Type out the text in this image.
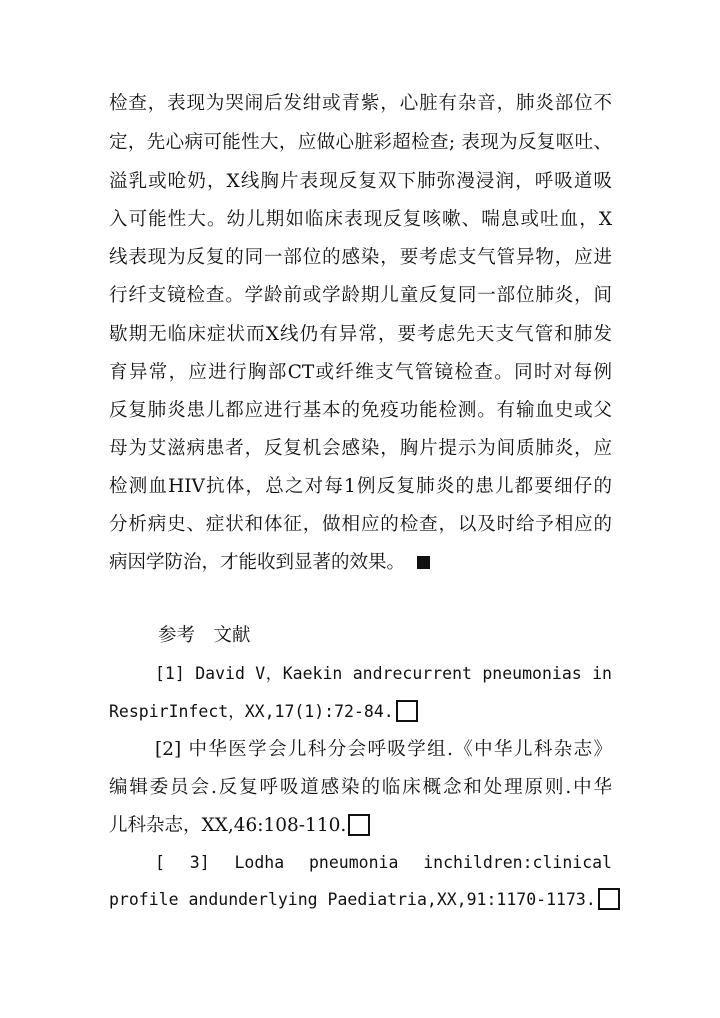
检查，表现为哭闹后发绀或青紫，心脏有杂音，肺炎部位不
定，先心病可能性大，应做心脏彩超检查; 表现为反复呕吐、
溢乳或呛奶，X线胸片表现反复双下肺弥漫浸润，呼吸道吸
入可能性大。幼儿期如临床表现反复咳嗽、喘息或吐血，X
线表现为反复的同一部位的感染，要考虑支气管异物，应进
行纤支镜检查。学龄前或学龄期儿童反复同一部位肺炎，间
歇期无临床症状而X线仍有异常，要考虑先天支气管和肺发
育异常，应进行胸部CT或纤维支气管镜检查。同时对每例
反复肺炎患儿都应进行基本的免疫功能检测。有输血史或父
母为艾滋病患者，反复机会感染，胸片提示为间质肺炎，应
检测血HIV抗体，总之对每1例反复肺炎的患儿都要细仔的
分析病史、症状和体征，做相应的检查，以及时给予相应的
病因学防治，才能收到显著的效果。
参考　文献
[1] David V，Kaekin andrecurrent pneumonias in
RespirInfect，XX,17(1):72-84.
[2] 中华医学会儿科分会呼吸学组.《中华儿科杂志》
编辑委员会.反复呼吸道感染的临床概念和处理原则.中华
儿科杂志，XX,46:108-110.
[ 3] Lodha pneumonia inchildren:clinical
profile andunderlying Paediatria,XX,91:1170-1173.
